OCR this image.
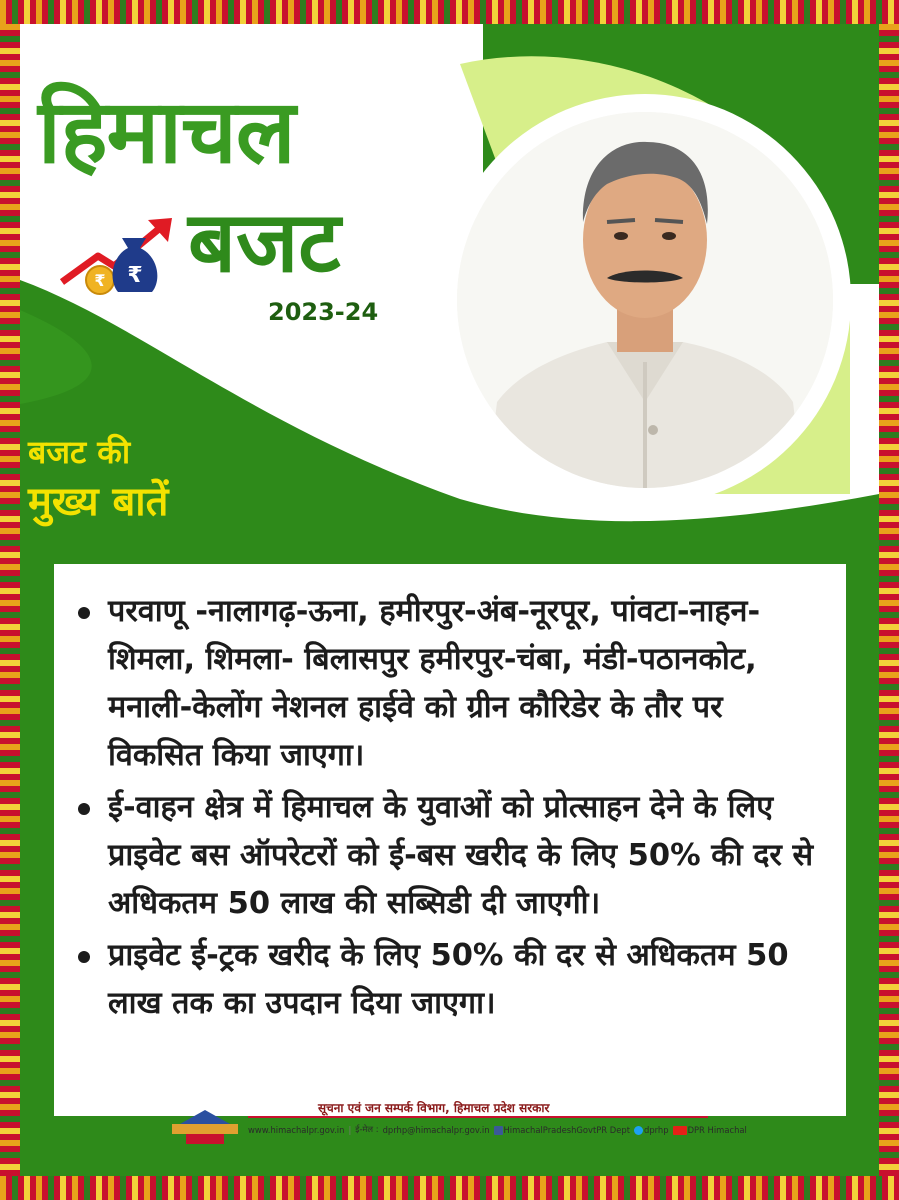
हिमाचल
₹ ₹ बजट
2023-24
बजट की
मुख्य बातें
परवाणू -नालागढ़-ऊना, हमीरपुर-अंब-नूरपूर, पांवटा-नाहन-शिमला, शिमला- बिलासपुर हमीरपुर-चंबा, मंडी-पठानकोट, मनाली-केलोंग नेशनल हाईवे को ग्रीन कौरिडेर के तौर पर विकसित किया जाएगा।
ई-वाहन क्षेत्र में हिमाचल के युवाओं को प्रोत्साहन देने के लिए प्राइवेट बस ऑपरेटरों को ई-बस खरीद के लिए 50% की दर से अधिकतम 50 लाख की सब्सिडी दी जाएगी।
प्राइवेट ई-ट्रक खरीद के लिए 50% की दर से अधिकतम 50 लाख तक का उपदान दिया जाएगा।
सूचना एवं जन सम्पर्क विभाग, हिमाचल प्रदेश सरकार
www.himachalpr.gov.in | ई-मेल : dprhp@himachalpr.gov.in	HimachalPradeshGovtPR Dept	dprhp	DPR Himachal
